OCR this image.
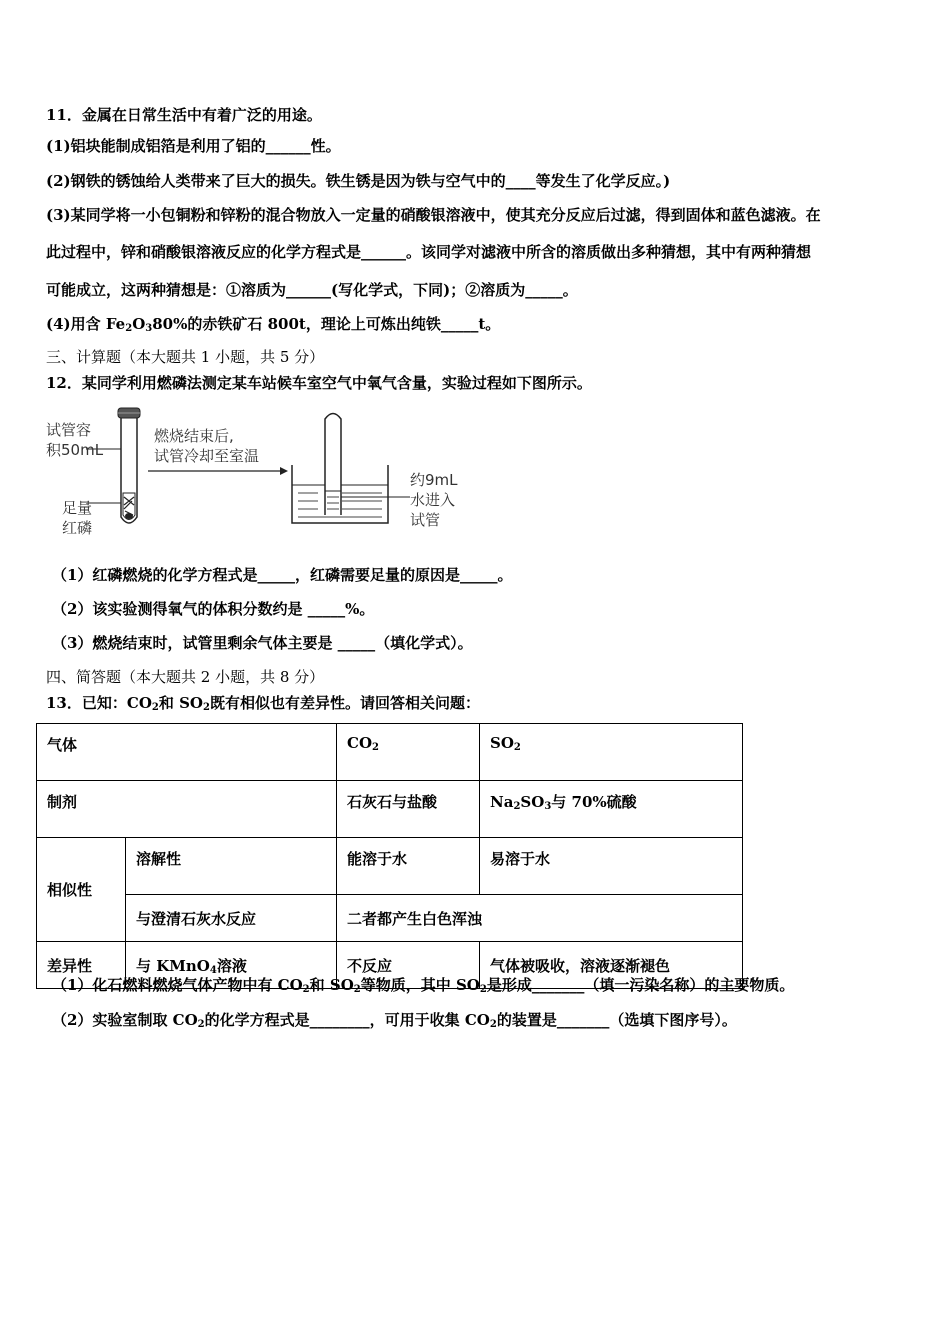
11．金属在日常生活中有着广泛的用途。
(1)铝块能制成铝箔是利用了铝的______性。
(2)钢铁的锈蚀给人类带来了巨大的损失。铁生锈是因为铁与空气中的____等发生了化学反应。)
(3)某同学将一小包铜粉和锌粉的混合物放入一定量的硝酸银溶液中，使其充分反应后过滤，得到固体和蓝色滤液。在
此过程中，锌和硝酸银溶液反应的化学方程式是______。该同学对滤液中所含的溶质做出多种猜想，其中有两种猜想
可能成立，这两种猜想是：①溶质为______(写化学式，下同)；②溶质为_____。
(4)用含 $Fe_2O_380\%$的赤铁矿石 800t，理论上可炼出纯铁_____t。
三、计算题（本大题共 1 小题，共 5 分）
12．某同学利用燃磷法测定某车站候车室空气中氧气含量，实验过程如下图所示。
试管容
积50mL
足量
红磷
燃烧结束后,
试管冷却至室温
约9mL
水进入
试管
（1）红磷燃烧的化学方程式是_____，红磷需要足量的原因是_____。
（2）该实验测得氧气的体积分数约是 _____%。
（3）燃烧结束时，试管里剩余气体主要是 _____（填化学式）。
四、简答题（本大题共 2 小题，共 8 分）
13．已知：$CO_2$和 $SO_2$既有相似也有差异性。请回答相关问题：
气体		$CO_2$	$SO_2$
制剂		石灰石与盐酸	$Na_2SO_3$与 70%硫酸
相似性	溶解性	能溶于水	易溶于水
	与澄清石灰水反应	二者都产生白色浑浊	
差异性	与 KMnO$_4$溶液	不反应	气体被吸收，溶液逐渐褪色
（1）化石燃料燃烧气体产物中有 $CO_2$和 $SO_2$等物质，其中 $SO_2$是形成_______（填一污染名称）的主要物质。
（2）实验室制取 $CO_2$的化学方程式是________，可用于收集 $CO_2$的装置是_______（选填下图序号）。
